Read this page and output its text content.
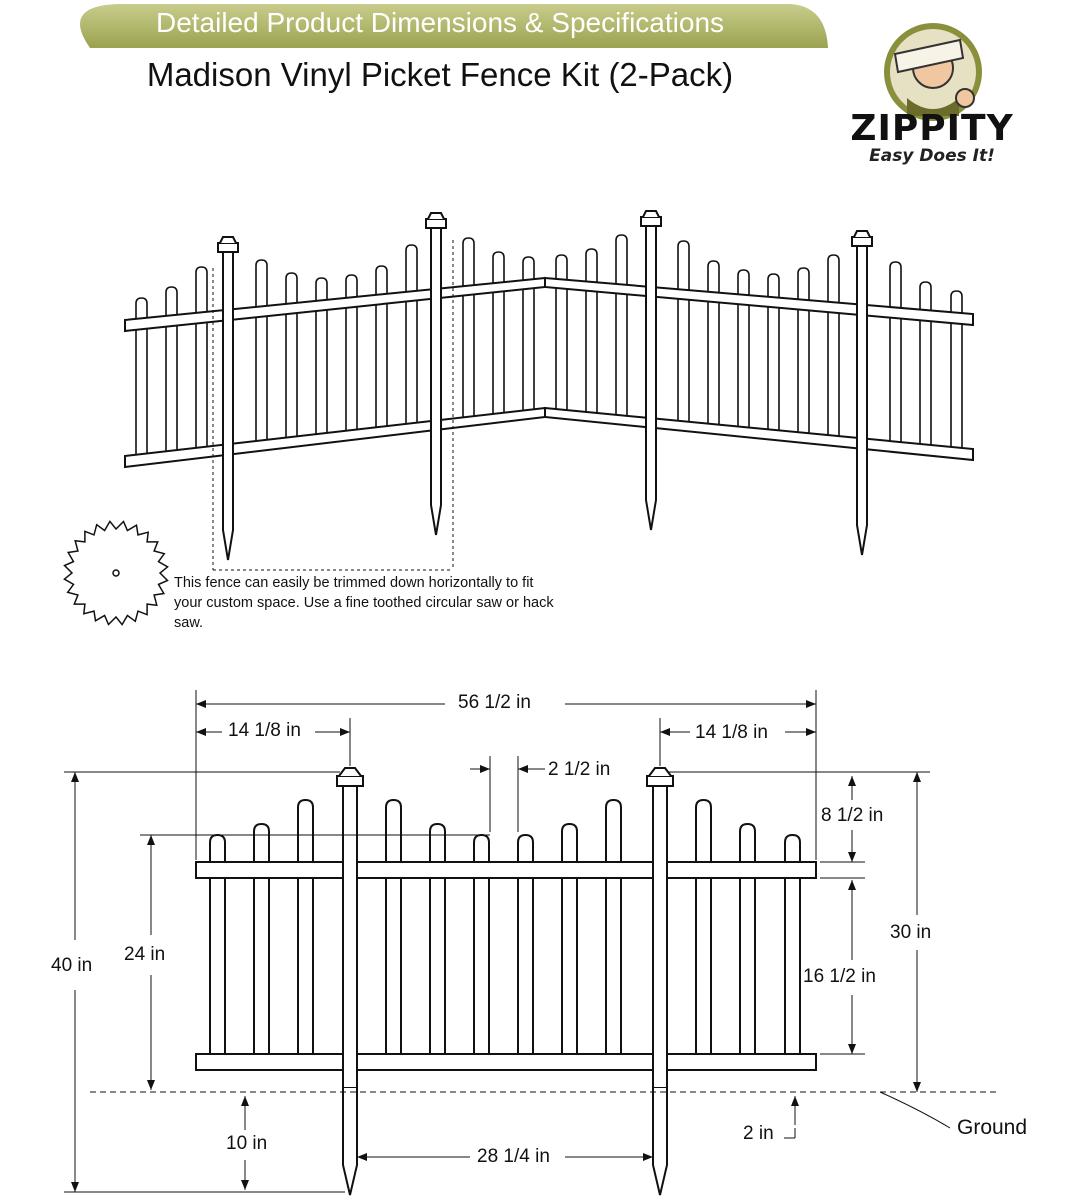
Detailed Product Dimensions & Specifications
Madison Vinyl Picket Fence Kit (2-Pack)
ZIPPITY
Easy Does It!
This fence can easily be trimmed down horizontally to fit your custom space. Use a fine toothed circular saw or hack saw.
56 1/2 in
14 1/8 in	14 1/8 in
2 1/2 in
8 1/2 in
30 in
40 in
24 in
16 1/2 in
10 in	2 in
28 1/4 in
Ground
